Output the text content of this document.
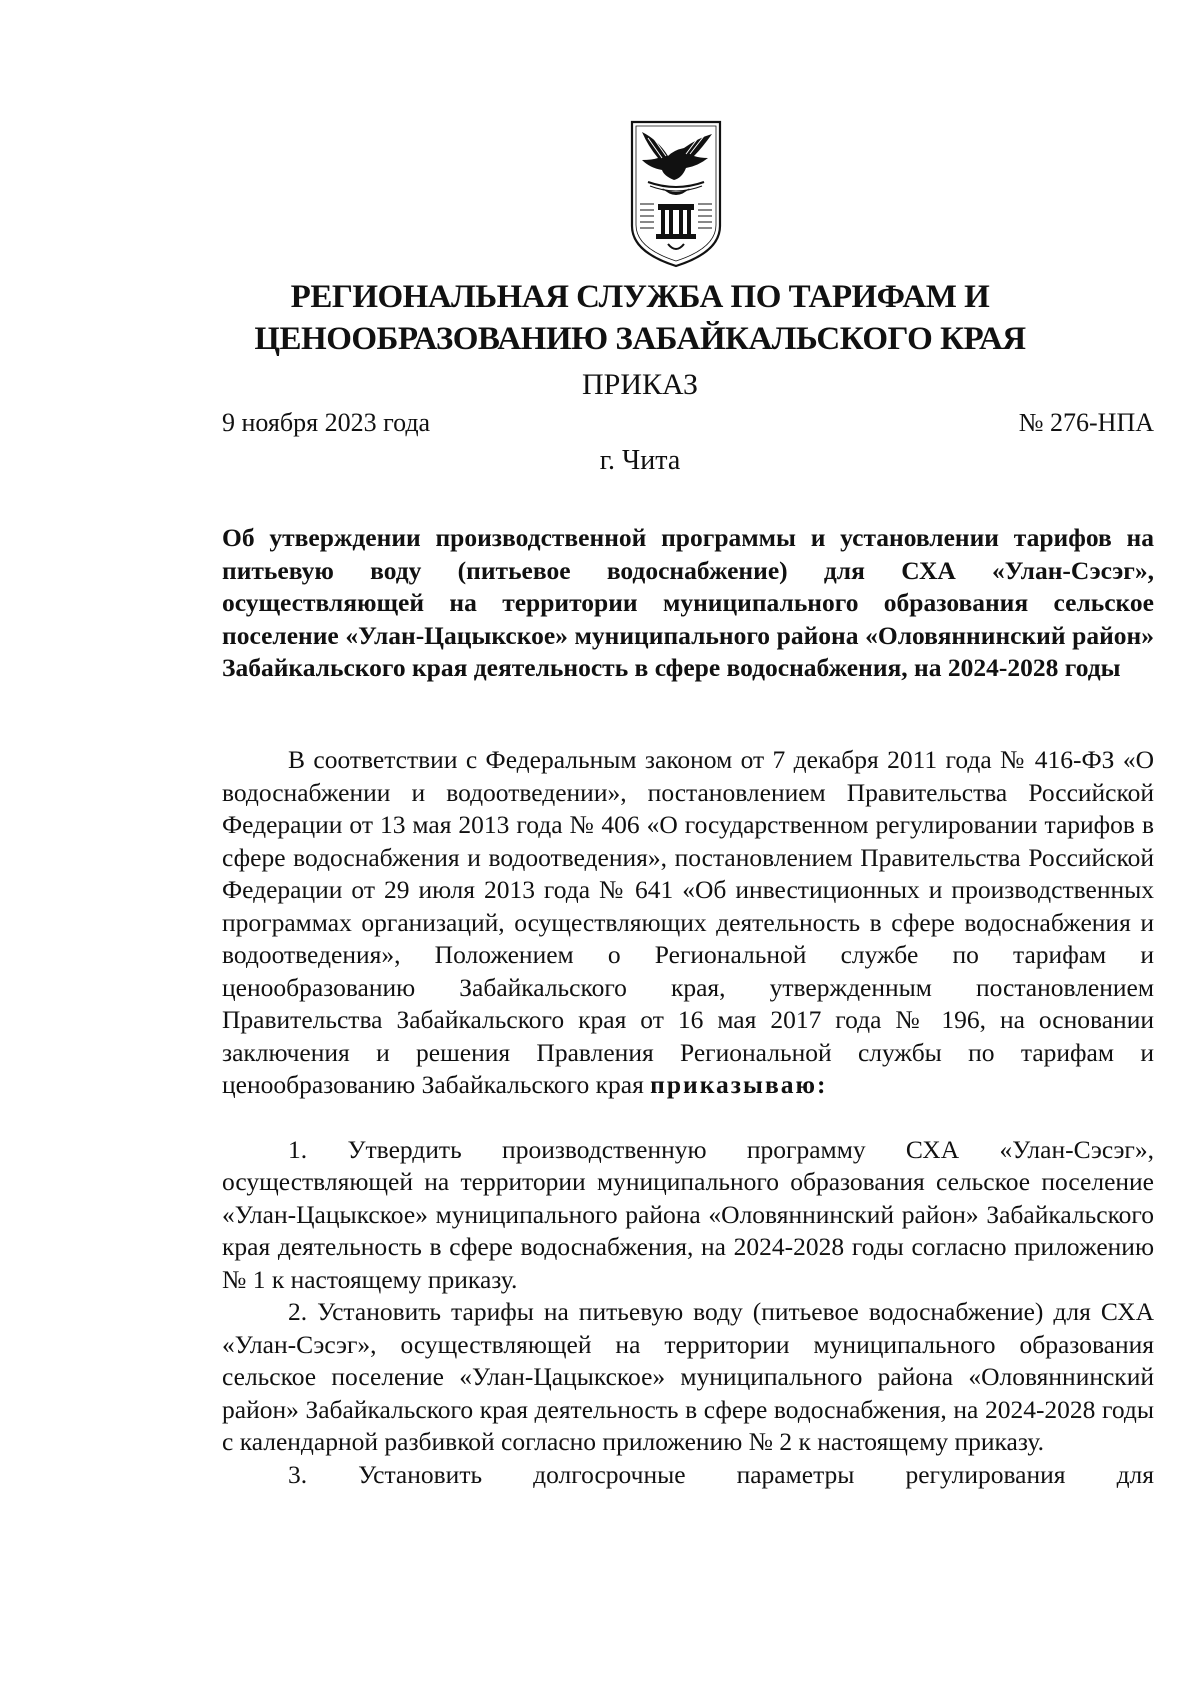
РЕГИОНАЛЬНАЯ СЛУЖБА ПО ТАРИФАМ И
ЦЕНООБРАЗОВАНИЮ ЗАБАЙКАЛЬСКОГО КРАЯ
ПРИКАЗ
9 ноября 2023 года	№ 276-НПА
г. Чита
Об утверждении производственной программы и установлении тарифов на питьевую воду (питьевое водоснабжение) для СХА «Улан-Сэсэг», осуществляющей на территории муниципального образования сельское поселение «Улан-Цацыкское» муниципального района «Оловяннинский район» Забайкальского края деятельность в сфере водоснабжения, на 2024-2028 годы

В соответствии с Федеральным законом от 7 декабря 2011 года № 416-ФЗ «О водоснабжении и водоотведении», постановлением Правительства Российской Федерации от 13 мая 2013 года № 406 «О государственном регулировании тарифов в сфере водоснабжения и водоотведения», постановлением Правительства Российской Федерации от 29 июля 2013 года № 641 «Об инвестиционных и производственных программах организаций, осуществляющих деятельность в сфере водоснабжения и водоотведения», Положением о Региональной службе по тарифам и ценообразованию Забайкальского края, утвержденным постановлением Правительства Забайкальского края от 16 мая 2017 года № 196, на основании заключения и решения Правления Региональной службы по тарифам и ценообразованию Забайкальского края приказываю:

1. Утвердить производственную программу СХА «Улан-Сэсэг», осуществляющей на территории муниципального образования сельское поселение «Улан-Цацыкское» муниципального района «Оловяннинский район» Забайкальского края деятельность в сфере водоснабжения, на 2024-2028 годы согласно приложению № 1 к настоящему приказу.

2. Установить тарифы на питьевую воду (питьевое водоснабжение) для СХА «Улан-Сэсэг», осуществляющей на территории муниципального образования сельское поселение «Улан-Цацыкское» муниципального района «Оловяннинский район» Забайкальского края деятельность в сфере водоснабжения, на 2024-2028 годы с календарной разбивкой согласно приложению № 2 к настоящему приказу.

3. Установить долгосрочные параметры регулирования для
